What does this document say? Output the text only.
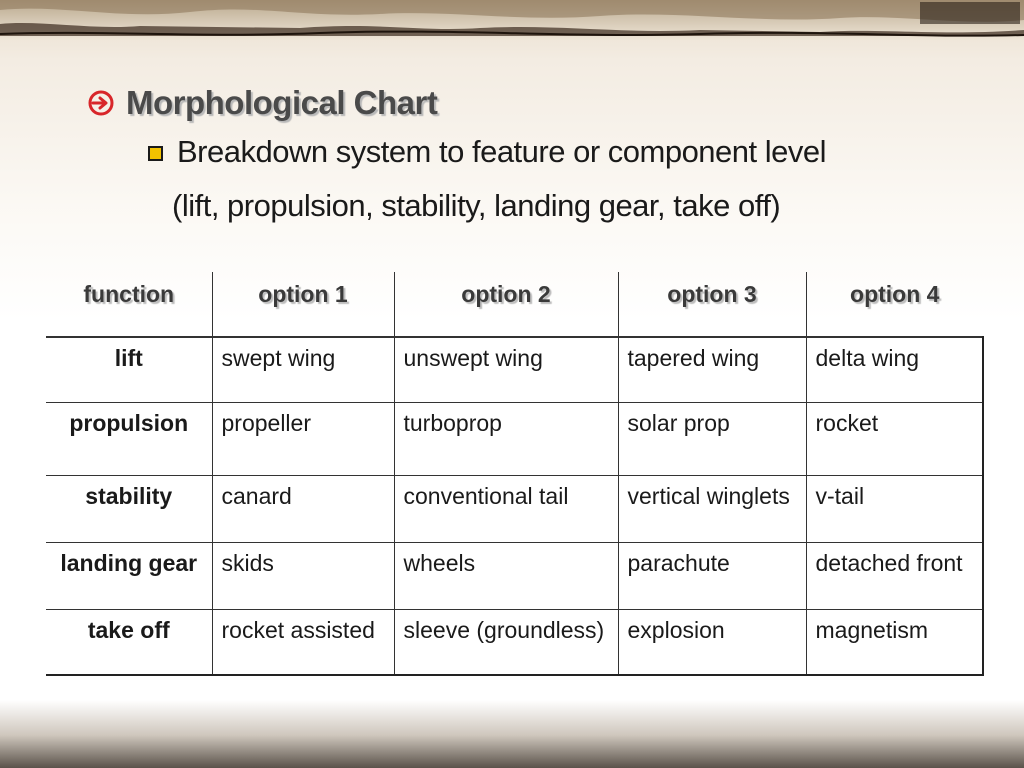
Morphological Chart
Breakdown system to feature or component level
(lift, propulsion, stability, landing gear, take off)
function	option 1	option 2	option 3	option 4
lift	swept wing	unswept wing	tapered wing	delta wing
propulsion	propeller	turboprop	solar prop	rocket
stability	canard	conventional tail	vertical winglets	v-tail
landing gear	skids	wheels	parachute	detached front
take off	rocket assisted	sleeve (groundless)	explosion	magnetism
